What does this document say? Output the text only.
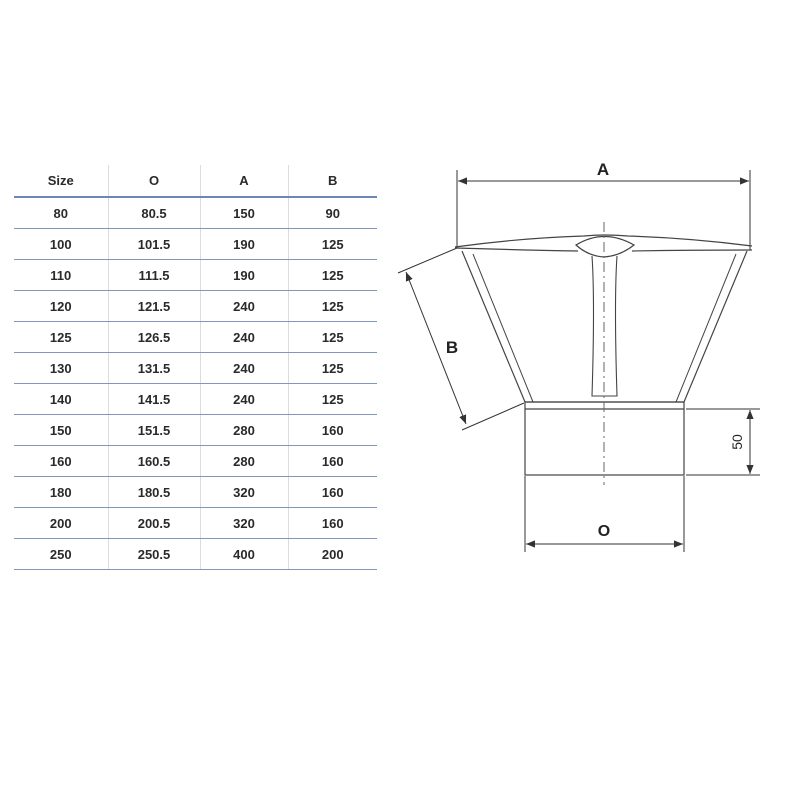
Size	O	A	B
80	80.5	150	90
100	101.5	190	125
110	111.5	190	125
120	121.5	240	125
125	126.5	240	125
130	131.5	240	125
140	141.5	240	125
150	151.5	280	160
160	160.5	280	160
180	180.5	320	160
200	200.5	320	160
250	250.5	400	200
A
B
50
O
